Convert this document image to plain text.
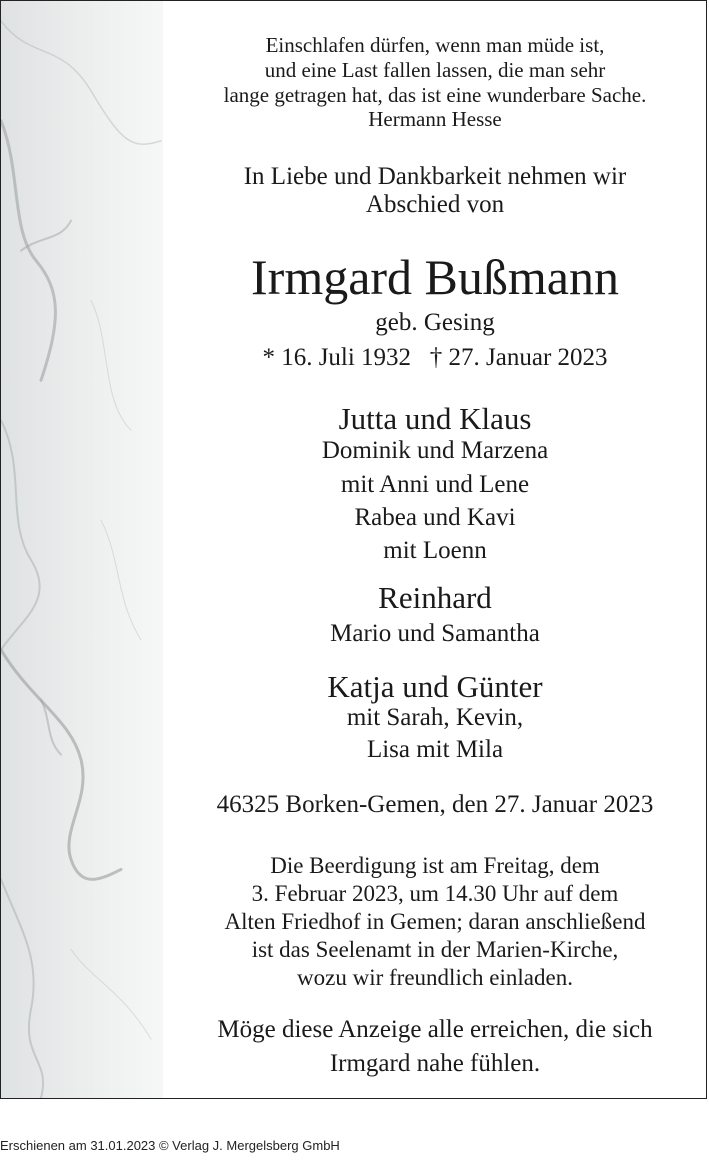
Einschlafen dürfen, wenn man müde ist,
und eine Last fallen lassen, die man sehr
lange getragen hat, das ist eine wunderbare Sache.
Hermann Hesse
In Liebe und Dankbarkeit nehmen wir
Abschied von
Irmgard Bußmann
geb. Gesing
* 16. Juli 1932   † 27. Januar 2023
Jutta und Klaus
Dominik und Marzena
mit Anni und Lene
Rabea und Kavi
mit Loenn
Reinhard
Mario und Samantha
Katja und Günter
mit Sarah, Kevin,
Lisa mit Mila
46325 Borken-Gemen, den 27. Januar 2023
Die Beerdigung ist am Freitag, dem
3. Februar 2023, um 14.30 Uhr auf dem
Alten Friedhof in Gemen; daran anschließend
ist das Seelenamt in der Marien-Kirche,
wozu wir freundlich einladen.
Möge diese Anzeige alle erreichen, die sich
Irmgard nahe fühlen.
Erschienen am 31.01.2023 © Verlag J. Mergelsberg GmbH
